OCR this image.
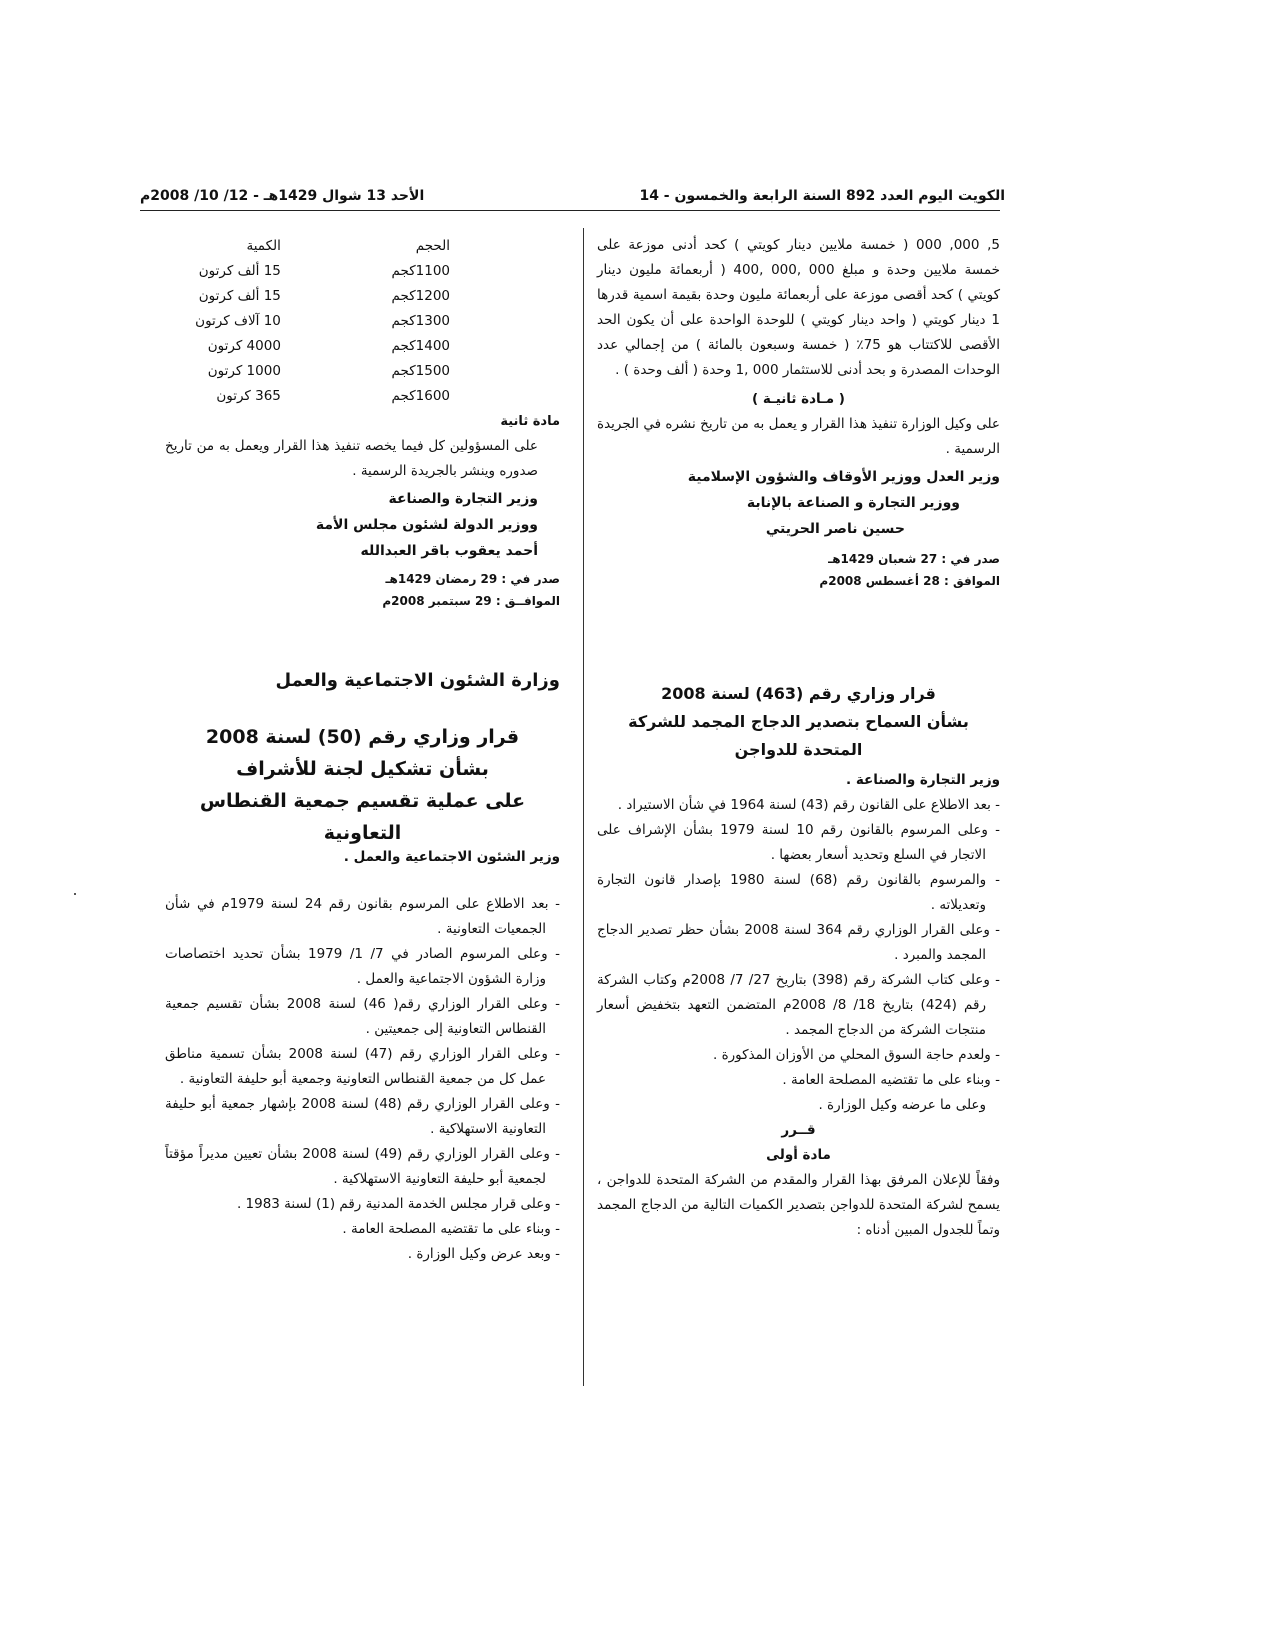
الكويت اليوم العدد 892 السنة الرابعة والخمسون - 14
الأحد 13 شوال 1429هـ - 12/ 10/ 2008م

5, 000, 000 ( خمسة ملايين دينار كويتي ) كحد أدنى موزعة على خمسة ملايين وحدة و مبلغ 000 ,000 ,400 ( أربعمائة مليون دينار كويتي ) كحد أقصى موزعة على أربعمائة مليون وحدة بقيمة اسمية قدرها 1 دينار كويتي ( واحد دينار كويتي ) للوحدة الواحدة على أن يكون الحد الأقصى للاكتتاب هو 75٪ ( خمسة وسبعون بالمائة ) من إجمالي عدد الوحدات المصدرة و بحد أدنى للاستثمار 000 ,1 وحدة ( ألف وحدة ) .

( مـادة ثانيـة )

على وكيل الوزارة تنفيذ هذا القرار و يعمل به من تاريخ نشره في الجريدة الرسمية .

وزير العدل ووزير الأوقاف والشؤون الإسلامية
ووزير التجارة و الصناعة بالإنابة
حسين ناصر الحريتي
صدر في : 27 شعبان 1429هـ
الموافق : 28 أغسطس 2008م
قرار وزاري رقم (463) لسنة 2008
بشأن السماح بتصدير الدجاج المجمد للشركة المتحدة للدواجن

وزير التجارة والصناعة .

- بعد الاطلاع على القانون رقم (43) لسنة 1964 في شأن الاستيراد .

- وعلى المرسوم بالقانون رقم 10 لسنة 1979 بشأن الإشراف على الاتجار في السلع وتحديد أسعار بعضها .

- والمرسوم بالقانون رقم (68) لسنة 1980 بإصدار قانون التجارة وتعديلاته .

- وعلى القرار الوزاري رقم 364 لسنة 2008 بشأن حظر تصدير الدجاج المجمد والمبرد .

- وعلى كتاب الشركة رقم (398) بتاريخ 27/ 7/ 2008م وكتاب الشركة رقم (424) بتاريخ 18/ 8/ 2008م المتضمن التعهد بتخفيض أسعار منتجات الشركة من الدجاج المجمد .

- ولعدم حاجة السوق المحلي من الأوزان المذكورة .

- وبناء على ما تقتضيه المصلحة العامة .

وعلى ما عرضه وكيل الوزارة .

قــرر

مادة أولى

وفقاً للإعلان المرفق بهذا القرار والمقدم من الشركة المتحدة للدواجن ، يسمح لشركة المتحدة للدواجن بتصدير الكميات التالية من الدجاج المجمد وتماً للجدول المبين أدناه :

الحجم	الكمية
1100كجم	15 ألف كرتون
1200كجم	15 ألف كرتون
1300كجم	10 آلاف كرتون
1400كجم	4000 كرتون
1500كجم	1000 كرتون
1600كجم	365 كرتون

مادة ثانية

على المسؤولين كل فيما يخصه تنفيذ هذا القرار ويعمل به من تاريخ صدوره وينشر بالجريدة الرسمية .

وزير التجارة والصناعة
ووزير الدولة لشئون مجلس الأمة
أحمد يعقوب باقر العبدالله
صدر في : 29 رمضان 1429هـ
الموافــق : 29 سبتمبر 2008م
وزارة الشئون الاجتماعية والعمل
قرار وزاري رقم (50) لسنة 2008
بشأن تشكيل لجنة للأشراف
على عملية تقسيم جمعية القنطاس التعاونية

وزير الشئون الاجتماعية والعمل .

- بعد الاطلاع على المرسوم بقانون رقم 24 لسنة 1979م في شأن الجمعيات التعاونية .

- وعلى المرسوم الصادر في 7/ 1/ 1979 بشأن تحديد اختصاصات وزارة الشؤون الاجتماعية والعمل .

- وعلى القرار الوزاري رقم( 46) لسنة 2008 بشأن تقسيم جمعية القنطاس التعاونية إلى جمعيتين .

- وعلى القرار الوزاري رقم (47) لسنة 2008 بشأن تسمية مناطق عمل كل من جمعية القنطاس التعاونية وجمعية أبو حليفة التعاونية .

- وعلى القرار الوزاري رقم (48) لسنة 2008 بإشهار جمعية أبو حليفة التعاونية الاستهلاكية .

- وعلى القرار الوزاري رقم (49) لسنة 2008 بشأن تعيين مديراً مؤقتاً لجمعية أبو حليفة التعاونية الاستهلاكية .

- وعلى قرار مجلس الخدمة المدنية رقم (1) لسنة 1983 .

- وبناء على ما تقتضيه المصلحة العامة .

- وبعد عرض وكيل الوزارة .
